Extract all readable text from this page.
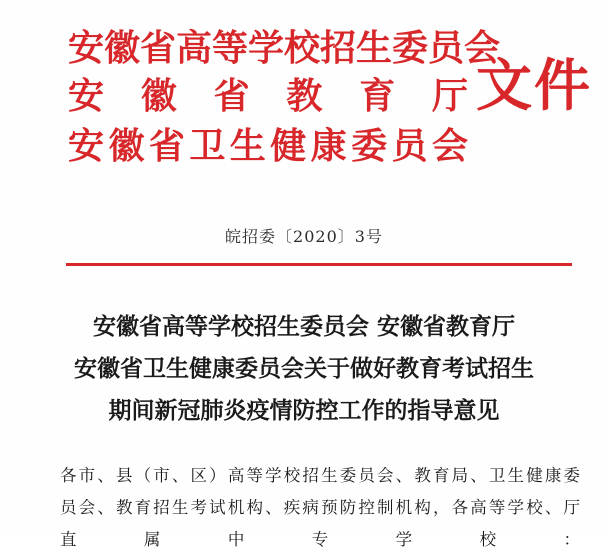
安徽省高等学校招生委员会
安徽省教育厅
安徽省卫生健康委员会
文件
皖招委〔2020〕3号
安徽省高等学校招生委员会 安徽省教育厅
安徽省卫生健康委员会关于做好教育考试招生
期间新冠肺炎疫情防控工作的指导意见
各市、县（市、区）高等学校招生委员会、教育局、卫生健康委
员会、教育招生考试机构、疾病预防控制机构，各高等学校、厅
直属中专学校：
